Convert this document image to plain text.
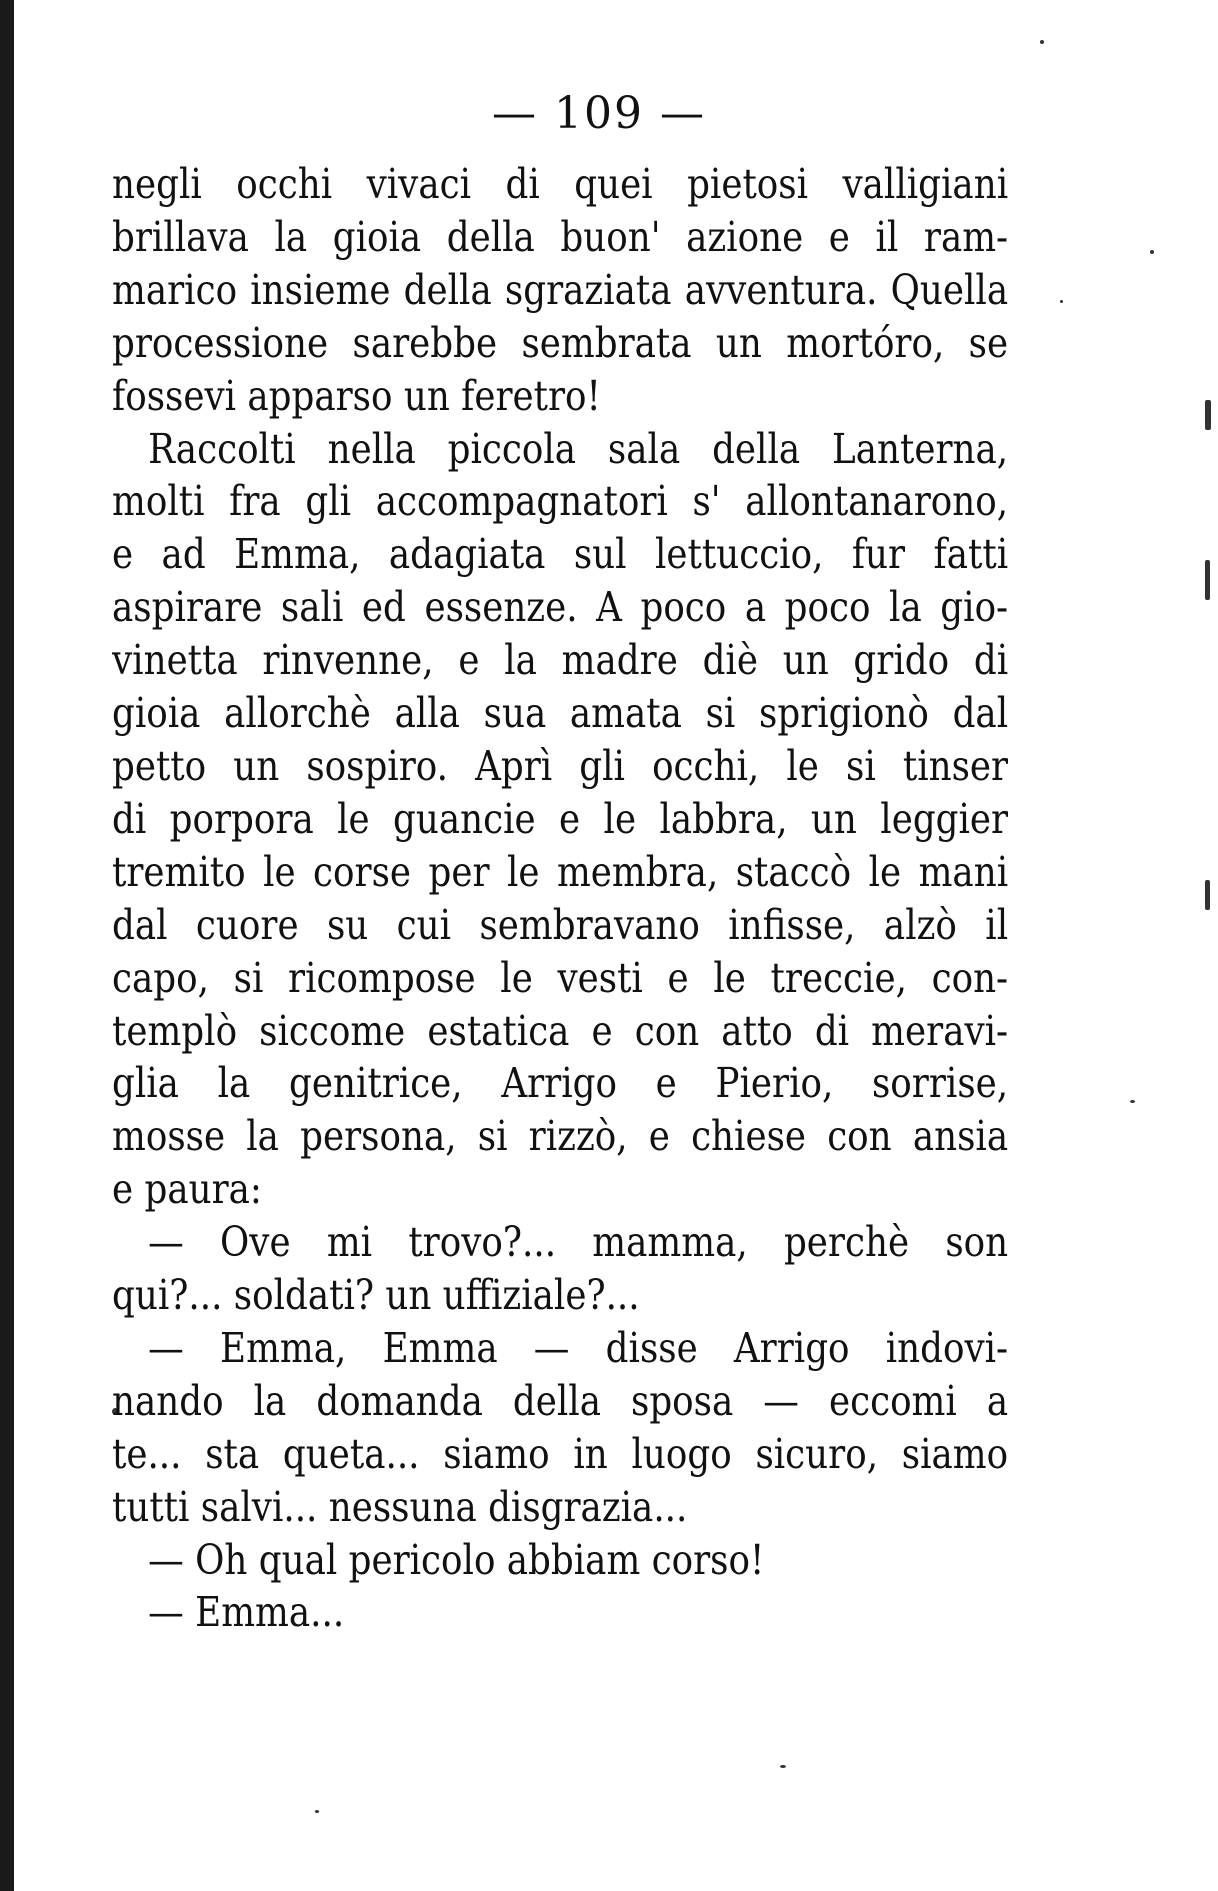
— 109 —
negli occhi vivaci di quei pietosi valligiani
brillava la gioia della buon' azione e il ram-
marico insieme della sgraziata avventura. Quella
processione sarebbe sembrata un mortóro, se
fossevi apparso un feretro!
Raccolti nella piccola sala della Lanterna,
molti fra gli accompagnatori s' allontanarono,
e ad Emma, adagiata sul lettuccio, fur fatti
aspirare sali ed essenze. A poco a poco la gio-
vinetta rinvenne, e la madre diè un grido di
gioia allorchè alla sua amata si sprigionò dal
petto un sospiro. Aprì gli occhi, le si tinser
di porpora le guancie e le labbra, un leggier
tremito le corse per le membra, staccò le mani
dal cuore su cui sembravano infisse, alzò il
capo, si ricompose le vesti e le treccie, con-
templò siccome estatica e con atto di meravi-
glia la genitrice, Arrigo e Pierio, sorrise,
mosse la persona, si rizzò, e chiese con ansia
e paura:
— Ove mi trovo?... mamma, perchè son
qui?... soldati? un uffiziale?...
— Emma, Emma — disse Arrigo indovi-
nando la domanda della sposa — eccomi a
te... sta queta... siamo in luogo sicuro, siamo
tutti salvi... nessuna disgrazia...
— Oh qual pericolo abbiam corso!
— Emma...
